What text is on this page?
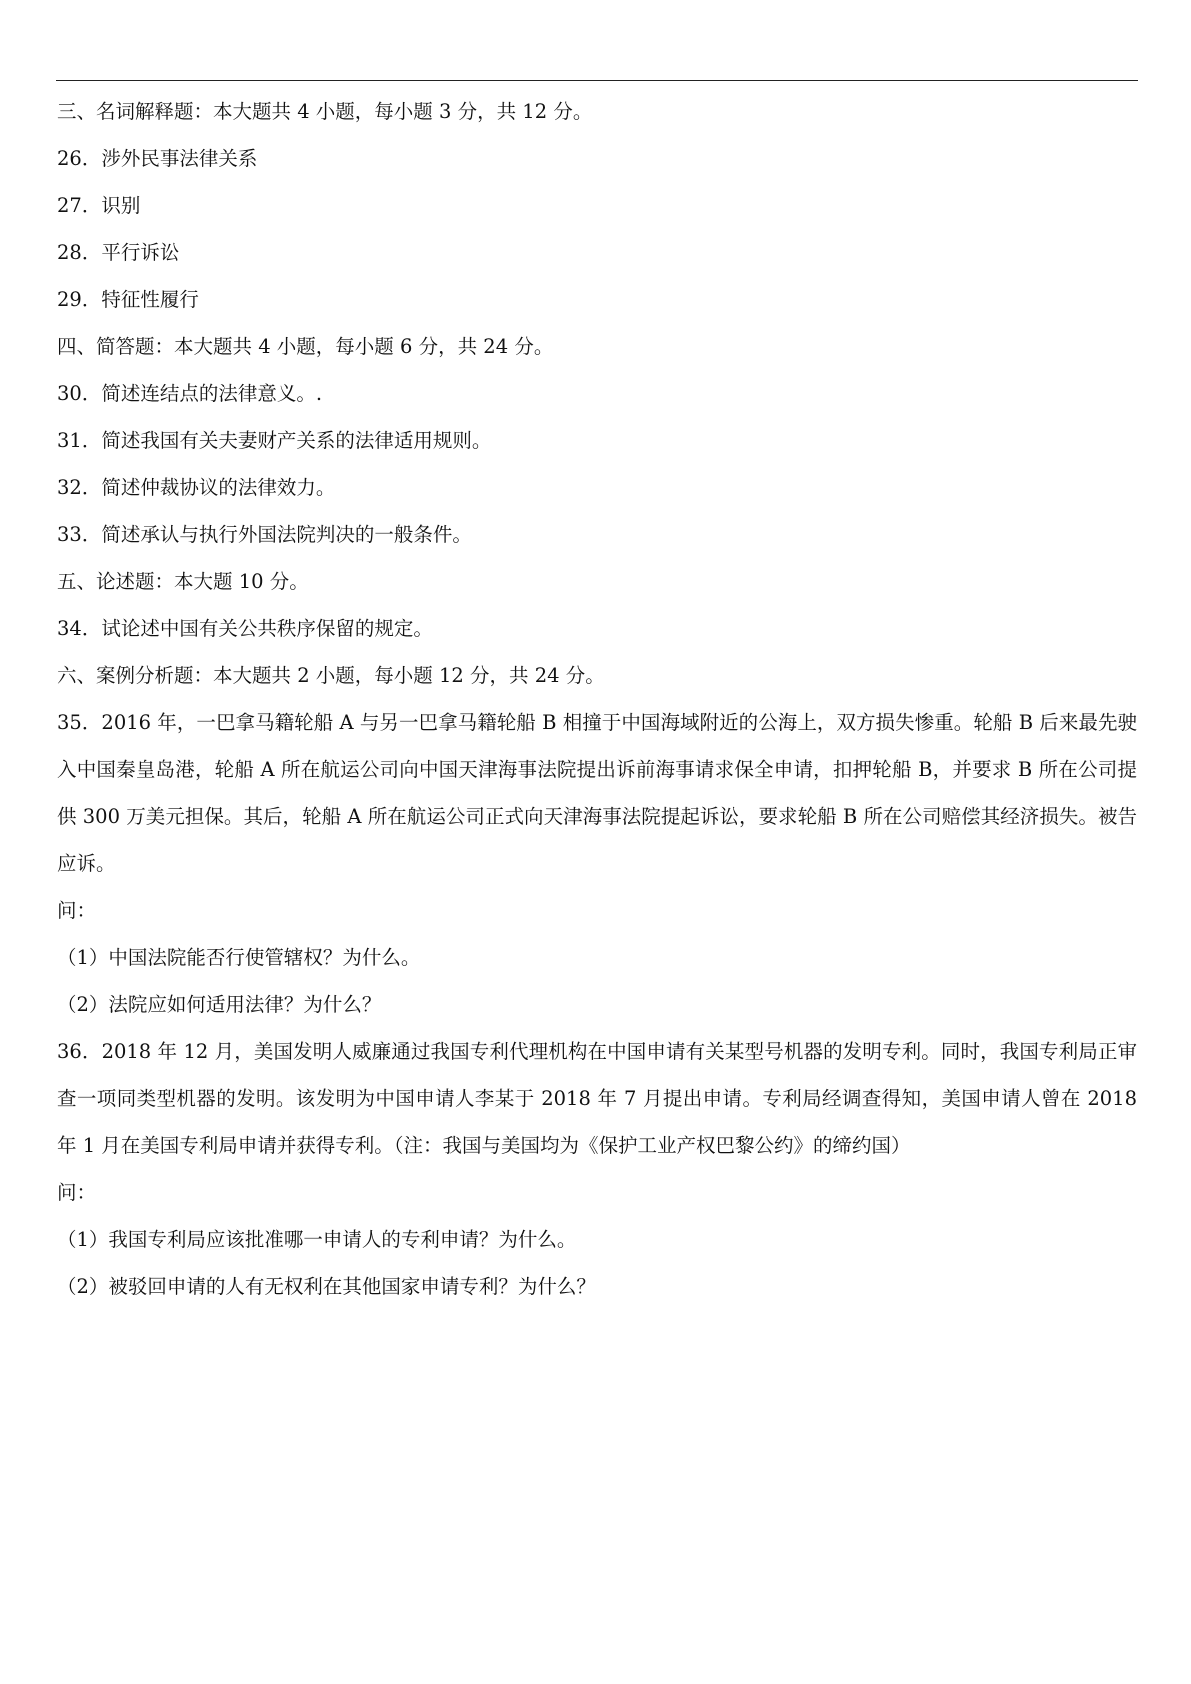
三、名词解释题：本大题共 4 小题，每小题 3 分，共 12 分。
26．涉外民事法律关系
27．识别
28．平行诉讼
29．特征性履行
四、简答题：本大题共 4 小题，每小题 6 分，共 24 分。
30．简述连结点的法律意义。.
31．简述我国有关夫妻财产关系的法律适用规则。
32．简述仲裁协议的法律效力。
33．简述承认与执行外国法院判决的一般条件。
五、论述题：本大题 10 分。
34．试论述中国有关公共秩序保留的规定。
六、案例分析题：本大题共 2 小题，每小题 12 分，共 24 分。
35．2016 年，一巴拿马籍轮船 A 与另一巴拿马籍轮船 B 相撞于中国海域附近的公海上，双方损失惨重。轮船 B 后来最先驶入中国秦皇岛港，轮船 A 所在航运公司向中国天津海事法院提出诉前海事请求保全申请，扣押轮船 B，并要求 B 所在公司提供 300 万美元担保。其后，轮船 A 所在航运公司正式向天津海事法院提起诉讼，要求轮船 B 所在公司赔偿其经济损失。被告应诉。
问：
（1）中国法院能否行使管辖权？为什么。
（2）法院应如何适用法律？为什么？
36．2018 年 12 月，美国发明人威廉通过我国专利代理机构在中国申请有关某型号机器的发明专利。同时，我国专利局正审查一项同类型机器的发明。该发明为中国申请人李某于 2018 年 7 月提出申请。专利局经调查得知，美国申请人曾在 2018 年 1 月在美国专利局申请并获得专利。（注：我国与美国均为《保护工业产权巴黎公约》的缔约国）
问：
（1）我国专利局应该批准哪一申请人的专利申请？为什么。
（2）被驳回申请的人有无权利在其他国家申请专利？为什么？
